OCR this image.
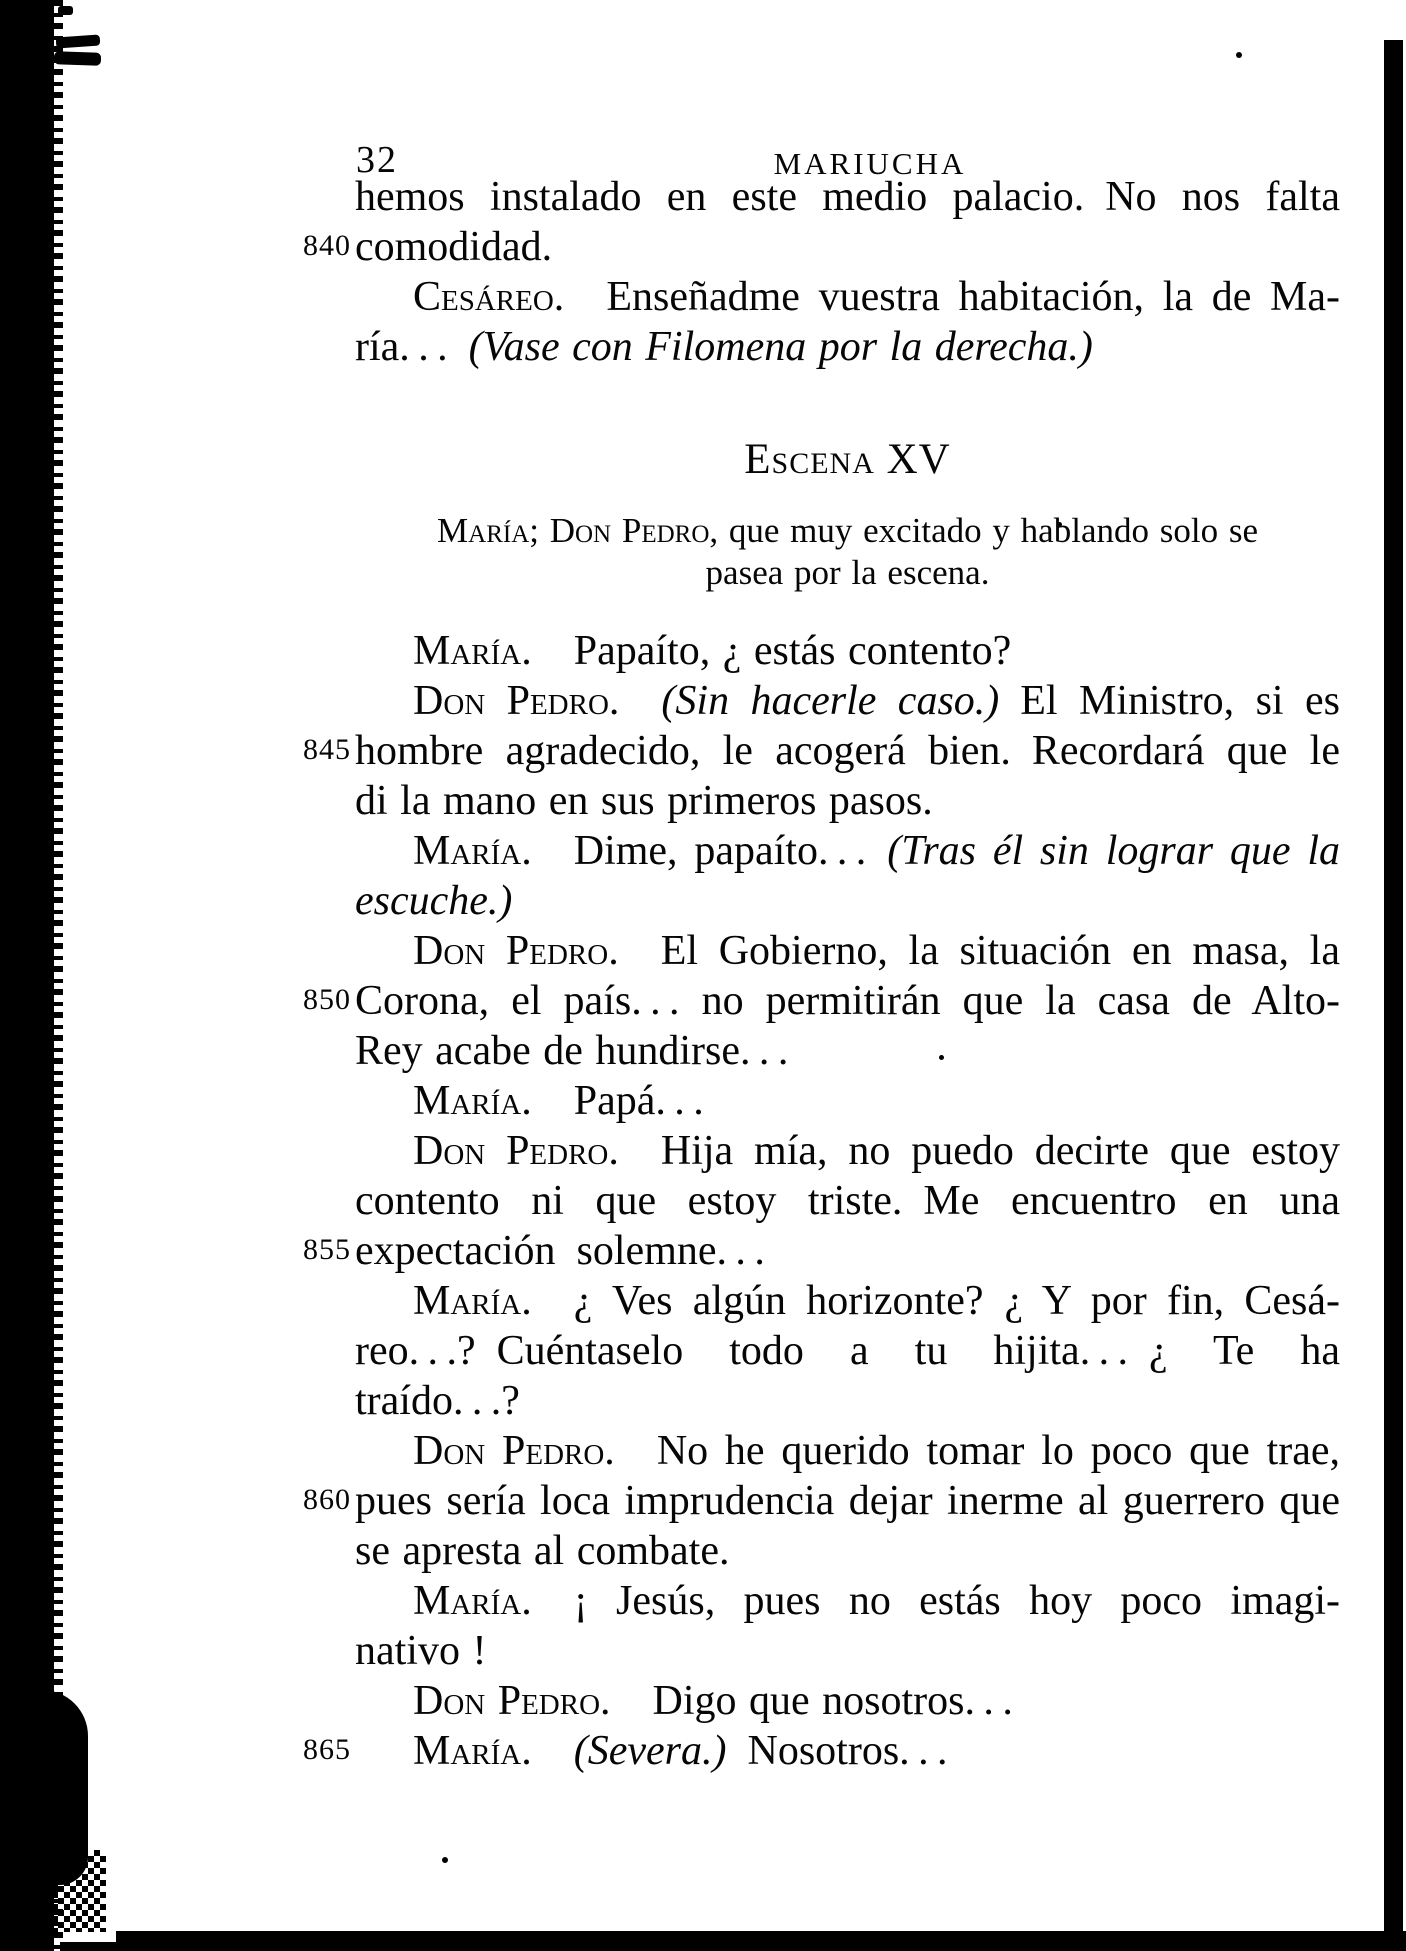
32	MARIUCHA
hemos instalado en este medio palacio. No nos falta
840 comodidad.
Cesáreo. Enseñadme vuestra habitación, la de Ma-
ría. . . (Vase con Filomena por la derecha.)
Escena XV
María; Don Pedro, que muy excitado y hablando solo se
pasea por la escena.
María. Papaíto, ¿ estás contento?
Don Pedro.  (Sin hacerle caso.) El Ministro, si es
845 hombre agradecido, le acogerá bien. Recordará que le
di la mano en sus primeros pasos.
María. Dime, papaíto. . . (Tras él sin lograr que la
escuche.)
Don Pedro. El Gobierno, la situación en masa, la
850 Corona, el país. . . no permitirán que la casa de Alto-
Rey acabe de hundirse. . .
María. Papá. . .
Don Pedro. Hija mía, no puedo decirte que estoy
contento ni que estoy triste. Me encuentro en una
855 expectación solemne. . .
María. ¿ Ves algún horizonte? ¿ Y por fin, Cesá-
reo. . .? Cuéntaselo todo a tu hijita. . . ¿ Te ha
traído. . .?
Don Pedro. No he querido tomar lo poco que trae,
860 pues sería loca imprudencia dejar inerme al guerrero que
se apresta al combate.
María. ¡ Jesús, pues no estás hoy poco imagi-
nativo !
Don Pedro. Digo que nosotros. . .
865 María.  (Severa.) Nosotros. . .
